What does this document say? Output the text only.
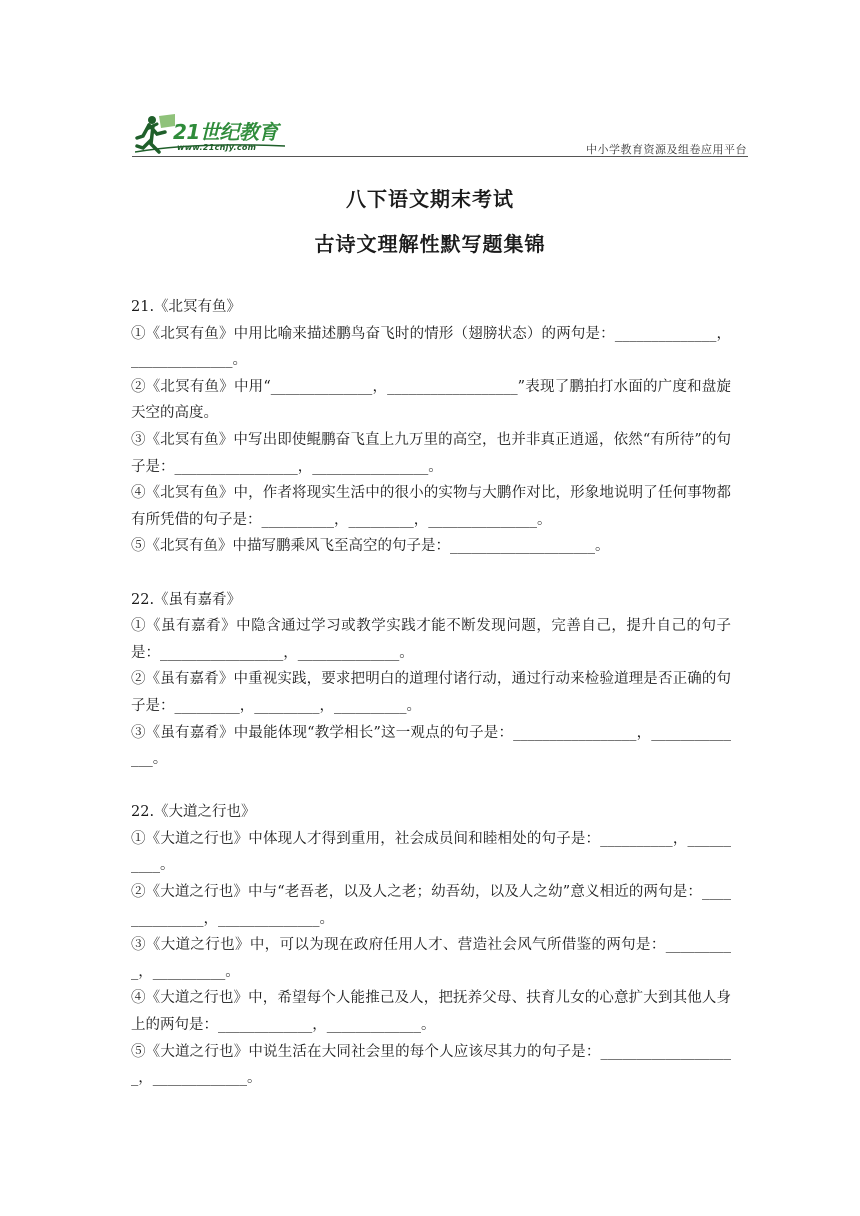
21世纪教育
www.21cnjy.com	中小学教育资源及组卷应用平台
八下语文期末考试
古诗文理解性默写题集锦
21.《北冥有鱼》
①《北冥有鱼》中用比喻来描述鹏鸟奋飞时的情形（翅膀状态）的两句是：______________，______________。
②《北冥有鱼》中用“______________，__________________”表现了鹏拍打水面的广度和盘旋天空的高度。
③《北冥有鱼》中写出即使鲲鹏奋飞直上九万里的高空，也并非真正逍遥，依然“有所待”的句子是：_________________，________________。
④《北冥有鱼》中，作者将现实生活中的很小的实物与大鹏作对比，形象地说明了任何事物都有所凭借的句子是：__________，_________，_______________。
⑤《北冥有鱼》中描写鹏乘风飞至高空的句子是：____________________。
22.《虽有嘉肴》
①《虽有嘉肴》中隐含通过学习或教学实践才能不断发现问题，完善自己，提升自己的句子是：_________________，______________。
②《虽有嘉肴》中重视实践，要求把明白的道理付诸行动，通过行动来检验道理是否正确的句子是：_________，_________，__________。
③《虽有嘉肴》中最能体现“教学相长”这一观点的句子是：_________________，______________。
22.《大道之行也》
①《大道之行也》中体现人才得到重用，社会成员间和睦相处的句子是：__________，__________。
②《大道之行也》中与“老吾老，以及人之老；幼吾幼，以及人之幼”意义相近的两句是：______________，______________。
③《大道之行也》中，可以为现在政府任用人才、营造社会风气所借鉴的两句是：__________，__________。
④《大道之行也》中，希望每个人能推己及人，把抚养父母、扶育儿女的心意扩大到其他人身上的两句是：_____________，_____________。
⑤《大道之行也》中说生活在大同社会里的每个人应该尽其力的句子是：___________________，_____________。
